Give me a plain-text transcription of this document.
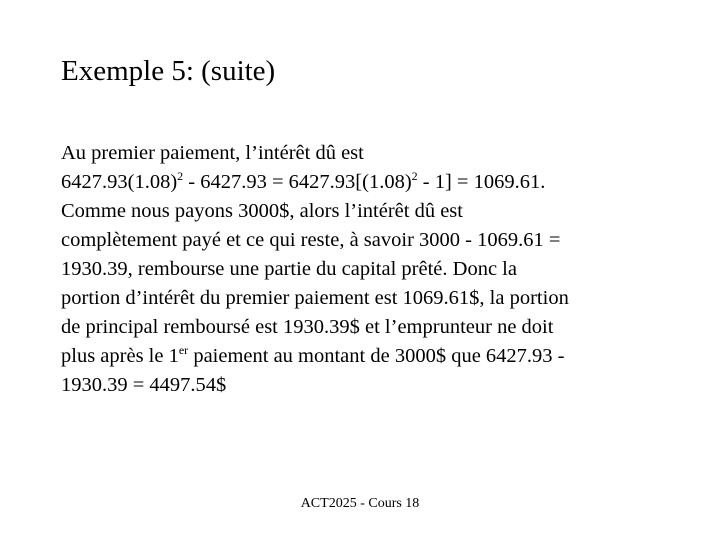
Exemple 5: (suite)
Au premier paiement, l’intérêt dû est
$6427.93(1.08)^2 - 6427.93 = 6427.93[(1.08)^2 - 1] = 1069.61$.
Comme nous payons 3000$, alors l’intérêt dû est
complètement payé et ce qui reste, à savoir 3000 - 1069.61 =
1930.39, rembourse une partie du capital prêté. Donc la
portion d’intérêt du premier paiement est 1069.61$, la portion
de principal remboursé est 1930.39$ et l’emprunteur ne doit
plus après le 1er paiement au montant de 3000$ que 6427.93 -
1930.39 = 4497.54$
ACT2025 - Cours 18
